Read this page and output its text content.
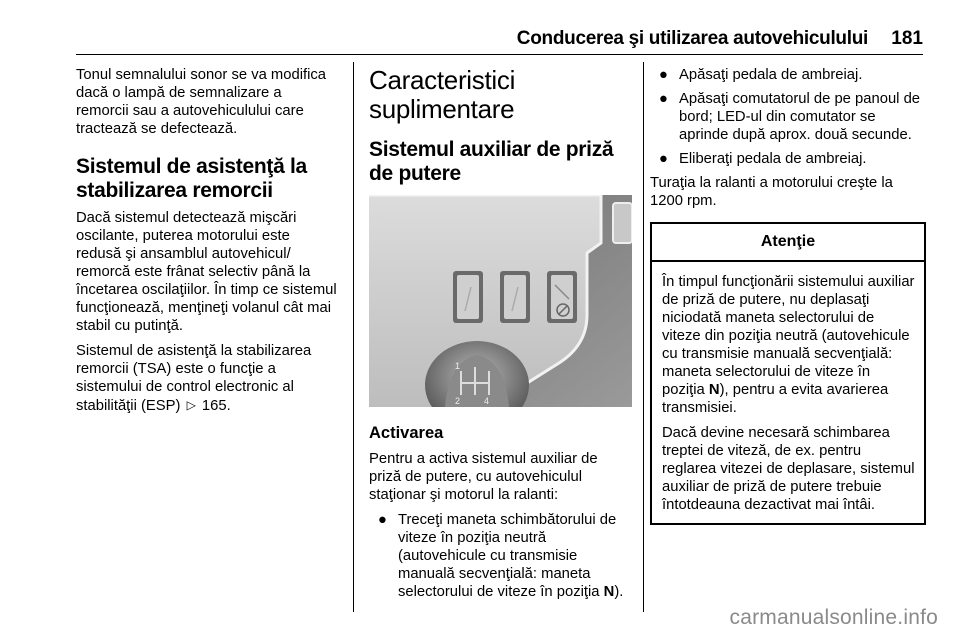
Conducerea şi utilizarea autovehiculului 181

Tonul semnalului sonor se va modifica dacă o lampă de semnalizare a remorcii sau a autovehiculului care tractează se defectează.

Sistemul de asistenţă la stabilizarea remorcii

Dacă sistemul detectează mişcări oscilante, puterea motorului este redusă şi ansamblul autovehicul/ remorcă este frânat selectiv până la încetarea oscilaţiilor. În timp ce sistemul funcţionează, menţineţi volanul cât mai stabil cu putinţă.

Sistemul de asistenţă la stabilizarea remorcii (TSA) este o funcţie a sistemului de control electronic al stabilităţii (ESP) ▷ 165.

Caracteristici
suplimentare
Sistemul auxiliar de priză de putere
1
2	4
Activarea

Pentru a activa sistemul auxiliar de priză de putere, cu autovehiculul staţionar şi motorul la ralanti:

● Treceţi maneta schimbătorului de viteze în poziţia neutră (autovehicule cu transmisie manuală secvenţială: maneta selectorului de viteze în poziţia N).
● Apăsaţi pedala de ambreiaj.
● Apăsaţi comutatorul de pe panoul de bord; LED-ul din comutator se aprinde după aprox. două secunde.
● Eliberaţi pedala de ambreiaj.

Turaţia la ralanti a motorului creşte la 1200 rpm.

Atenţie

În timpul funcţionării sistemului auxiliar de priză de putere, nu deplasaţi niciodată maneta selectorului de viteze din poziţia neutră (autovehicule cu transmisie manuală secvenţială: maneta selectorului de viteze în poziţia N), pentru a evita avarierea transmisiei.

Dacă devine necesară schimbarea treptei de viteză, de ex. pentru reglarea vitezei de deplasare, sistemul auxiliar de priză de putere trebuie întotdeauna dezactivat mai întâi.

carmanualsonline.info
